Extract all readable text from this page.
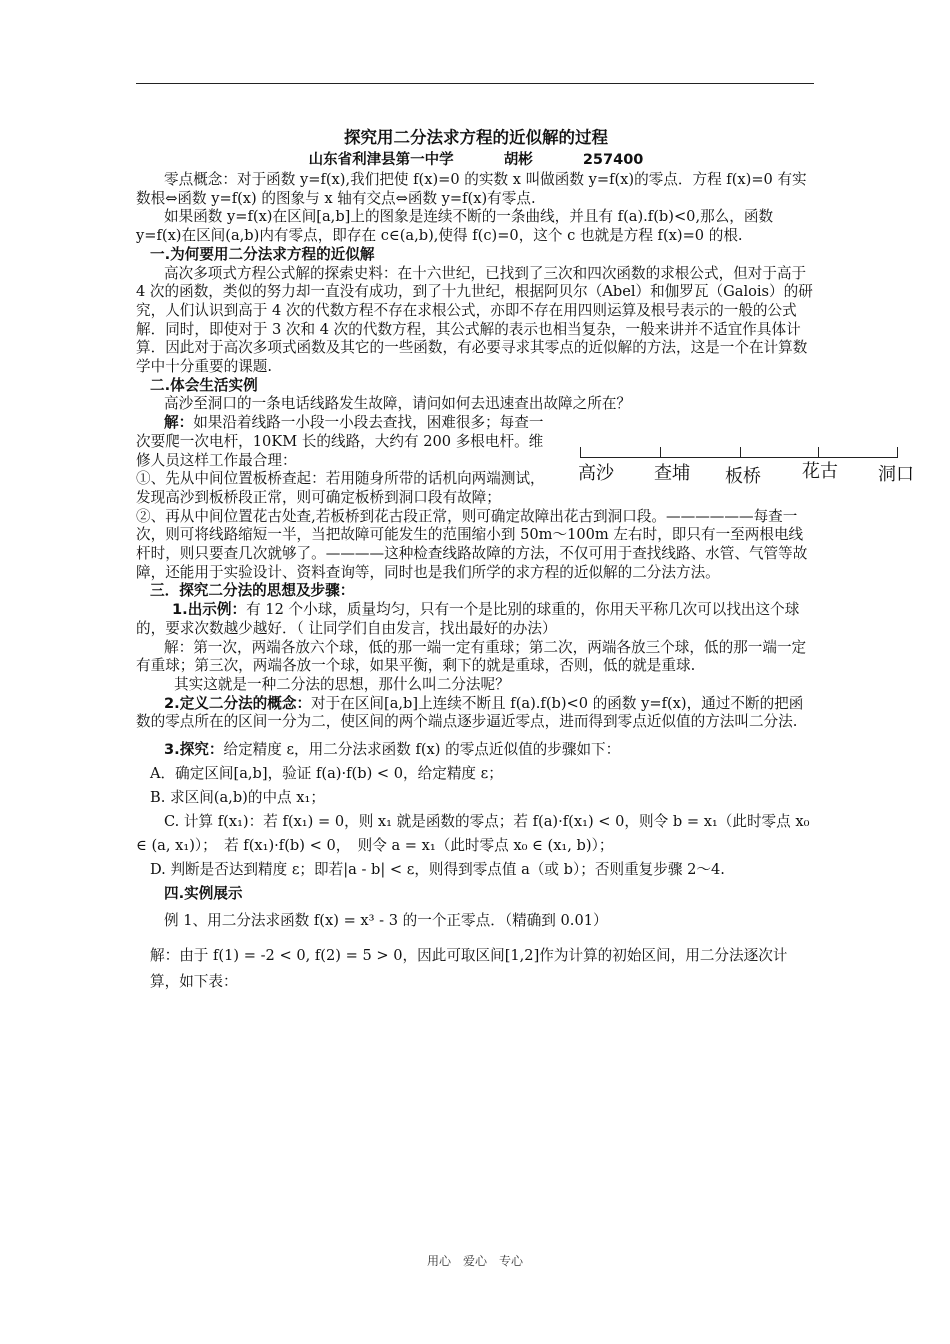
探究用二分法求方程的近似解的过程

山东省利津县第一中学	胡彬	257400

零点概念：对于函数 y=f(x),我们把使 f(x)=0 的实数 x 叫做函数 y=f(x)的零点．方程 f(x)=0 有实数根⇔函数 y=f(x) 的图象与 x 轴有交点⇔函数 y=f(x)有零点.

如果函数 y=f(x)在区间[a,b]上的图象是连续不断的一条曲线，并且有 f(a).f(b)<0,那么，函数 y=f(x)在区间(a,b)内有零点，即存在 c∈(a,b),使得 f(c)=0，这个 c 也就是方程 f(x)=0 的根.

一.为何要用二分法求方程的近似解

高次多项式方程公式解的探索史料：在十六世纪，已找到了三次和四次函数的求根公式，但对于高于 4 次的函数，类似的努力却一直没有成功，到了十九世纪，根据阿贝尔（Abel）和伽罗瓦（Galois）的研究，人们认识到高于 4 次的代数方程不存在求根公式，亦即不存在用四则运算及根号表示的一般的公式解．同时，即使对于 3 次和 4 次的代数方程，其公式解的表示也相当复杂，一般来讲并不适宜作具体计算．因此对于高次多项式函数及其它的一些函数，有必要寻求其零点的近似解的方法，这是一个在计算数学中十分重要的课题.

二.体会生活实例

高沙至洞口的一条电话线路发生故障，请问如何去迅速查出故障之所在？

解：如果沿着线路一小段一小段去查找，困难很多；每查一次要爬一次电杆，10KM 长的线路，大约有 200 多根电杆。维修人员这样工作最合理：

①、先从中间位置板桥查起：若用随身所带的话机向两端测试，发现高沙到板桥段正常，则可确定板桥到洞口段有故障；

②、再从中间位置花古处查,若板桥到花古段正常，则可确定故障出花古到洞口段。——————每查一次，则可将线路缩短一半，当把故障可能发生的范围缩小到 50m～100m 左右时，即只有一至两根电线杆时，则只要查几次就够了。————这种检查线路故障的方法，不仅可用于查找线路、水管、气管等故障，还能用于实验设计、资料查询等，同时也是我们所学的求方程的近似解的二分法方法。

三．探究二分法的思想及步骤：

1.出示例：有 12 个小球，质量均匀，只有一个是比别的球重的，你用天平称几次可以找出这个球的，要求次数越少越好．（ 让同学们自由发言，找出最好的办法）

解：第一次，两端各放六个球，低的那一端一定有重球；第二次，两端各放三个球，低的那一端一定有重球；第三次，两端各放一个球，如果平衡，剩下的就是重球，否则，低的就是重球.

其实这就是一种二分法的思想，那什么叫二分法呢？

2.定义二分法的概念：对于在区间[a,b]上连续不断且 f(a).f(b)<0 的函数 y=f(x)，通过不断的把函数的零点所在的区间一分为二，使区间的两个端点逐步逼近零点，进而得到零点近似值的方法叫二分法.

3.探究：给定精度 ε，用二分法求函数 f(x) 的零点近似值的步骤如下：

A．确定区间[a,b]，验证 f(a)·f(b) < 0，给定精度 ε；

B. 求区间(a,b)的中点 x₁；

C. 计算 f(x₁)：若 f(x₁) = 0，则 x₁ 就是函数的零点；若 f(a)·f(x₁) < 0，则令 b = x₁（此时零点 x₀ ∈ (a, x₁)）；　若 f(x₁)·f(b) < 0，　则令 a = x₁（此时零点 x₀ ∈ (x₁, b)）；

D. 判断是否达到精度 ε；即若|a - b| < ε，则得到零点值 a（或 b）；否则重复步骤 2～4.

四.实例展示

例 1、用二分法求函数 f(x) = x³ - 3 的一个正零点．（精确到 0.01）

解：由于 f(1) = -2 < 0, f(2) = 5 > 0，因此可取区间[1,2]作为计算的初始区间，用二分法逐次计算，如下表：

高沙 查埔 板桥 花古 洞口
用心　爱心　专心
